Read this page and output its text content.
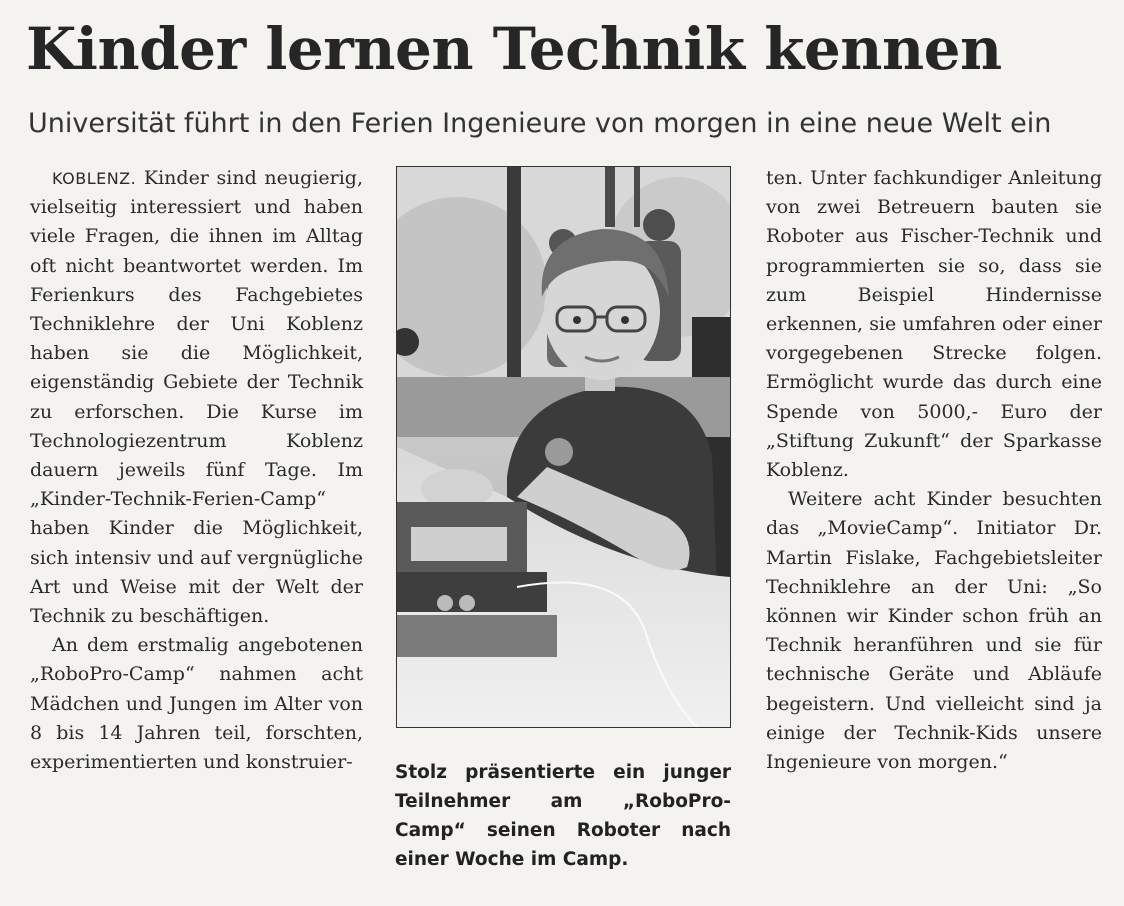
Kinder lernen Technik kennen
Universität führt in den Ferien Ingenieure von morgen in eine neue Welt ein

KOBLENZ. Kinder sind neugierig, vielseitig interessiert und haben viele Fragen, die ihnen im Alltag oft nicht beantwortet werden. Im Ferienkurs des Fachgebietes Techniklehre der Uni Koblenz haben sie die Möglichkeit, eigenständig Gebiete der Technik zu erforschen. Die Kurse im Technologiezentrum Koblenz dauern jeweils fünf Tage. Im „Kinder-Technik-Ferien-Camp“ haben Kinder die Möglichkeit, sich intensiv und auf vergnügliche Art und Weise mit der Welt der Technik zu beschäftigen.

An dem erstmalig angebotenen „RoboPro-Camp“ nahmen acht Mädchen und Jungen im Alter von 8 bis 14 Jahren teil, forschten, experimentierten und konstruier-	Stolz präsentierte ein junger Teilnehmer am „RoboPro-Camp“ seinen Roboter nach einer Woche im Camp.

ten. Unter fachkundiger Anleitung von zwei Betreuern bauten sie Roboter aus Fischer-Technik und programmierten sie so, dass sie zum Beispiel Hindernisse erkennen, sie umfahren oder einer vorgegebenen Strecke folgen. Ermöglicht wurde das durch eine Spende von 5000,- Euro der „Stiftung Zukunft“ der Sparkasse Koblenz.

Weitere acht Kinder besuchten das „MovieCamp“. Initiator Dr. Martin Fislake, Fachgebietsleiter Techniklehre an der Uni: „So können wir Kinder schon früh an Technik heranführen und sie für technische Geräte und Abläufe begeistern. Und vielleicht sind ja einige der Technik-Kids unsere Ingenieure von morgen.“
